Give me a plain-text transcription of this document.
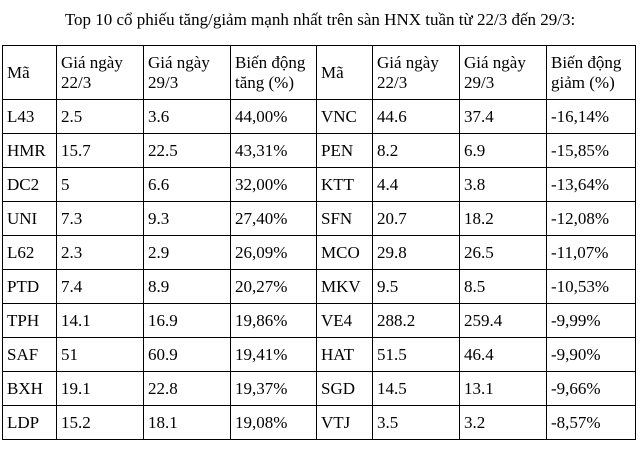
Top 10 cổ phiếu tăng/giảm mạnh nhất trên sàn HNX tuần từ 22/3 đến 29/3:
Mã	Giá ngày 22/3	Giá ngày 29/3	Biến động tăng (%)	Mã	Giá ngày 22/3	Giá ngày 29/3	Biến động giảm (%)
L43	2.5	3.6	44,00%	VNC	44.6	37.4	-16,14%
HMR	15.7	22.5	43,31%	PEN	8.2	6.9	-15,85%
DC2	5	6.6	32,00%	KTT	4.4	3.8	-13,64%
UNI	7.3	9.3	27,40%	SFN	20.7	18.2	-12,08%
L62	2.3	2.9	26,09%	MCO	29.8	26.5	-11,07%
PTD	7.4	8.9	20,27%	MKV	9.5	8.5	-10,53%
TPH	14.1	16.9	19,86%	VE4	288.2	259.4	-9,99%
SAF	51	60.9	19,41%	HAT	51.5	46.4	-9,90%
BXH	19.1	22.8	19,37%	SGD	14.5	13.1	-9,66%
LDP	15.2	18.1	19,08%	VTJ	3.5	3.2	-8,57%
